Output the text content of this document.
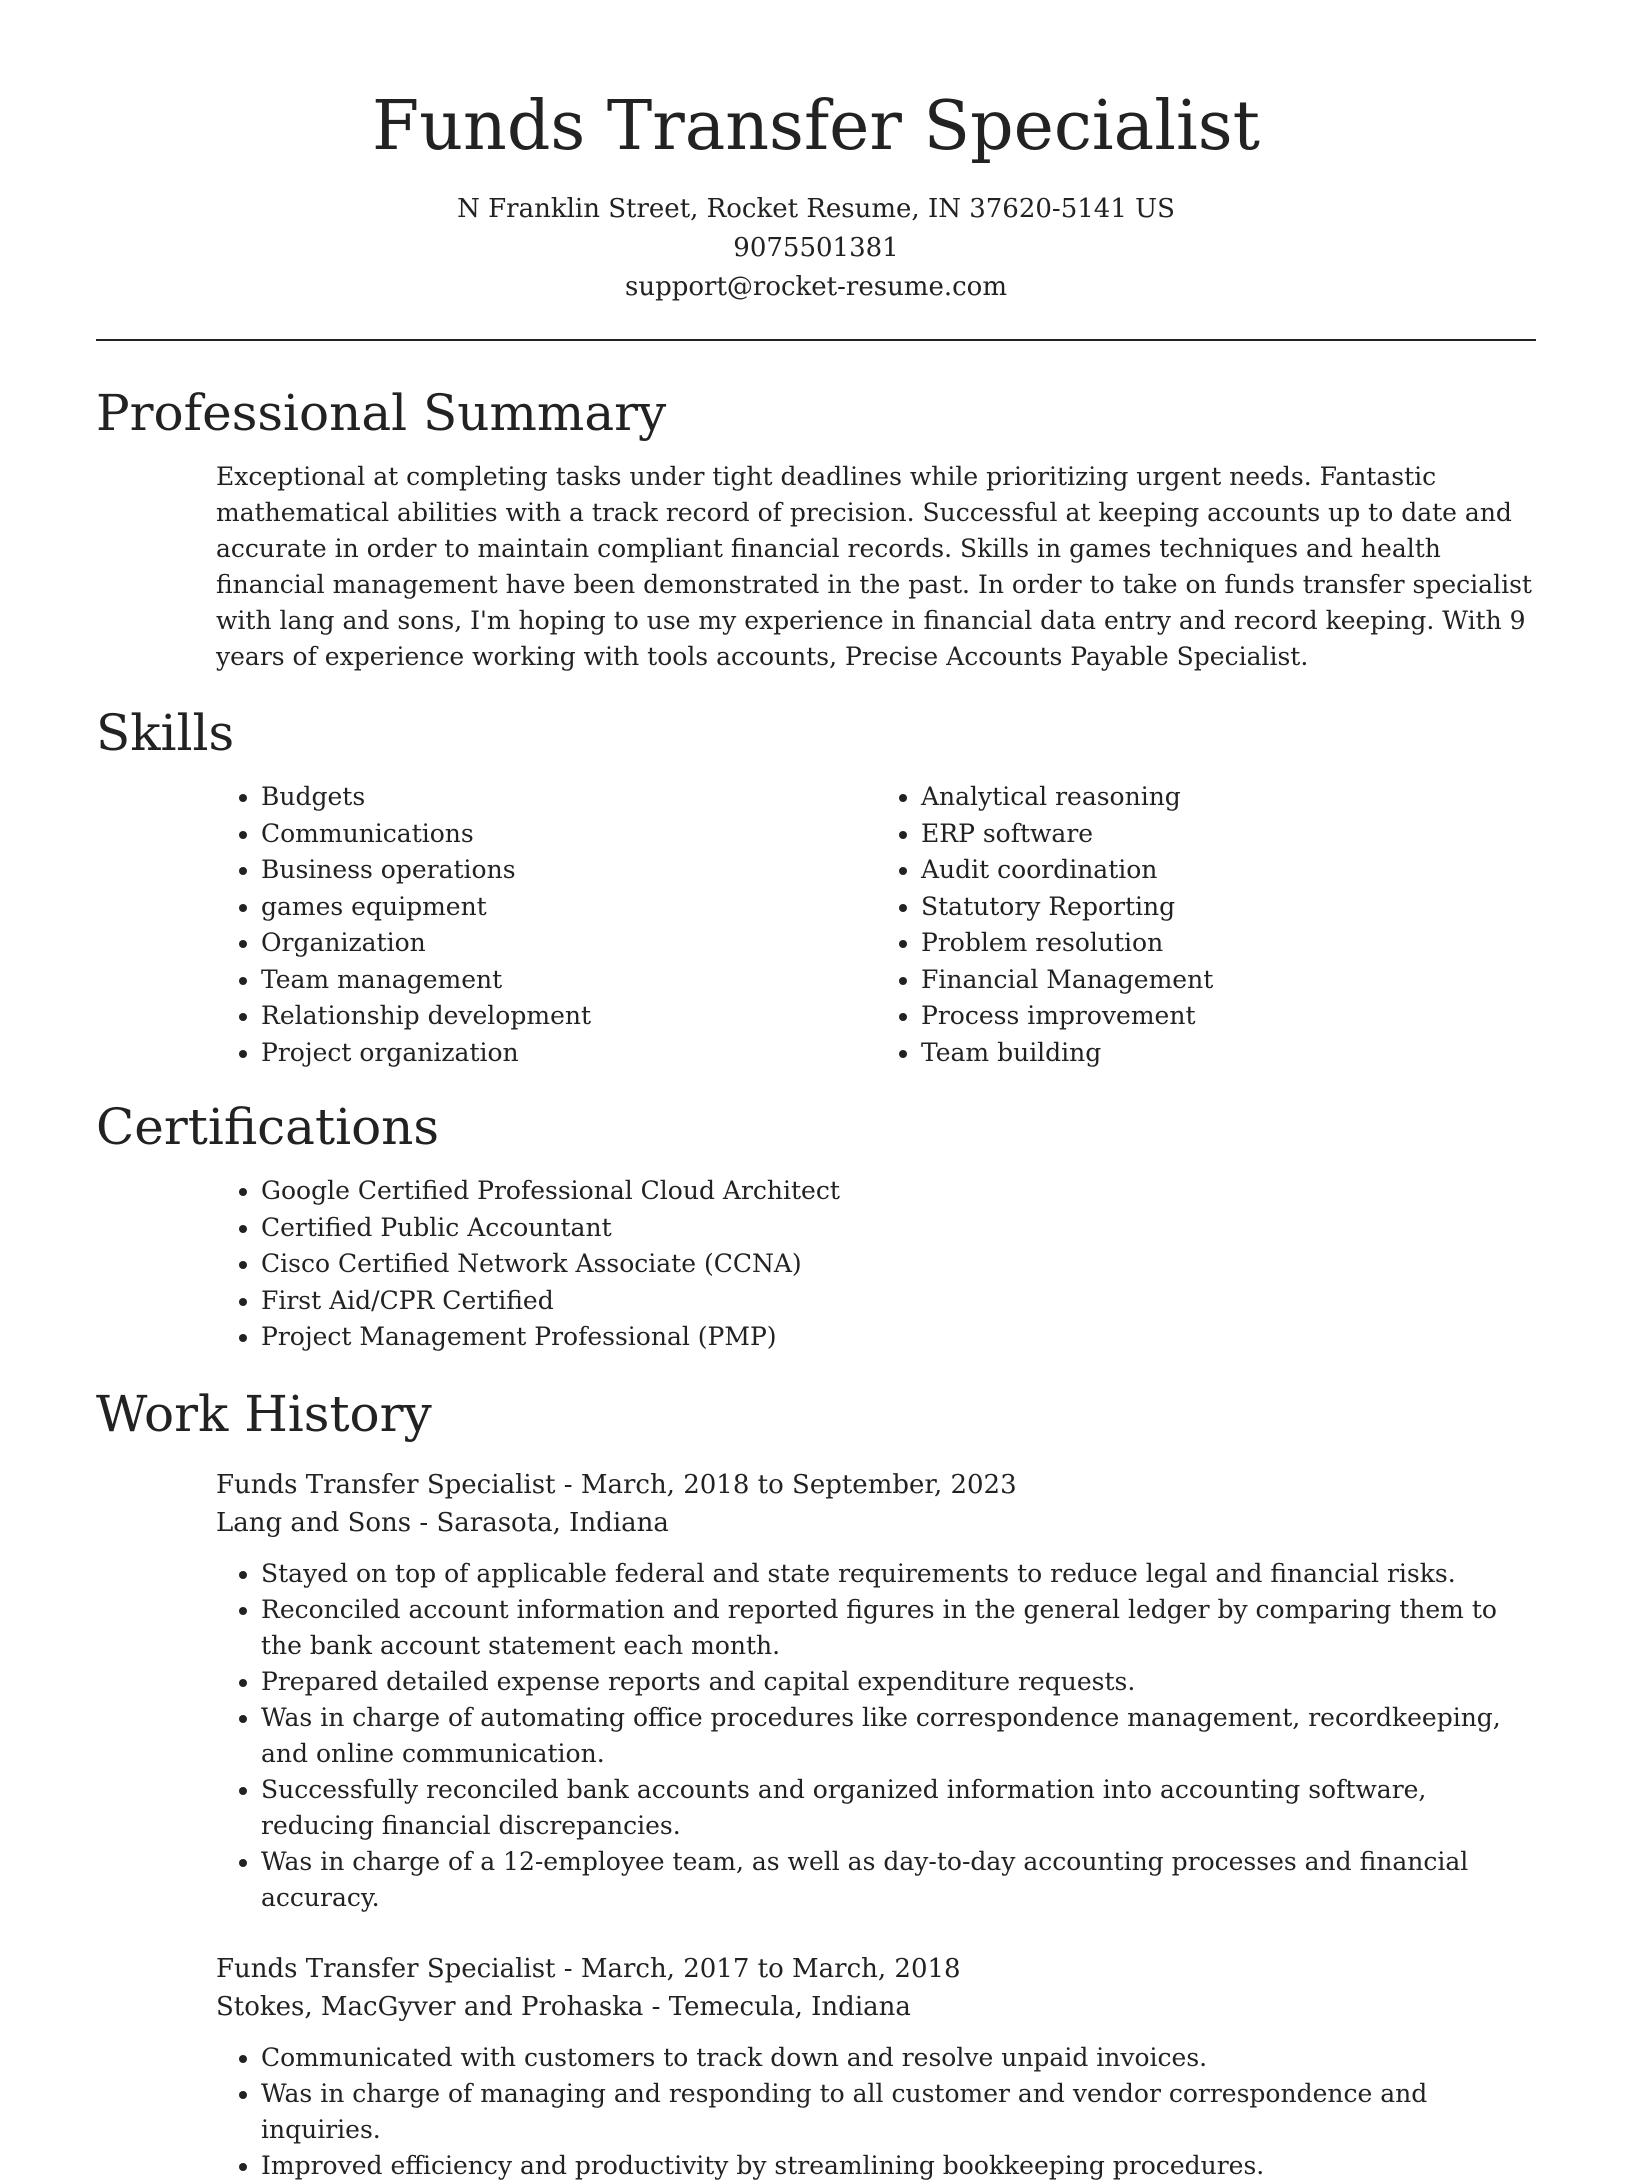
Funds Transfer Specialist
N Franklin Street, Rocket Resume, IN 37620-5141 US
9075501381
support@rocket-resume.com
Professional Summary

Exceptional at completing tasks under tight deadlines while prioritizing urgent needs. Fantastic mathematical abilities with a track record of precision. Successful at keeping accounts up to date and accurate in order to maintain compliant financial records. Skills in games techniques and health financial management have been demonstrated in the past. In order to take on funds transfer specialist with lang and sons, I'm hoping to use my experience in financial data entry and record keeping. With 9 years of experience working with tools accounts, Precise Accounts Payable Specialist.

Skills
• Budgets
• Communications
• Business operations
• games equipment
• Organization
• Team management
• Relationship development
• Project organization
• Analytical reasoning
• ERP software
• Audit coordination
• Statutory Reporting
• Problem resolution
• Financial Management
• Process improvement
• Team building
Certifications
• Google Certified Professional Cloud Architect
• Certified Public Accountant
• Cisco Certified Network Associate (CCNA)
• First Aid/CPR Certified
• Project Management Professional (PMP)
Work History
Funds Transfer Specialist - March, 2018 to September, 2023
Lang and Sons - Sarasota, Indiana
• Stayed on top of applicable federal and state requirements to reduce legal and financial risks.
• Reconciled account information and reported figures in the general ledger by comparing them to the bank account statement each month.
• Prepared detailed expense reports and capital expenditure requests.
• Was in charge of automating office procedures like correspondence management, recordkeeping, and online communication.
• Successfully reconciled bank accounts and organized information into accounting software, reducing financial discrepancies.
• Was in charge of a 12-employee team, as well as day-to-day accounting processes and financial accuracy.
Funds Transfer Specialist - March, 2017 to March, 2018
Stokes, MacGyver and Prohaska - Temecula, Indiana
• Communicated with customers to track down and resolve unpaid invoices.
• Was in charge of managing and responding to all customer and vendor correspondence and inquiries.
• Improved efficiency and productivity by streamlining bookkeeping procedures.
